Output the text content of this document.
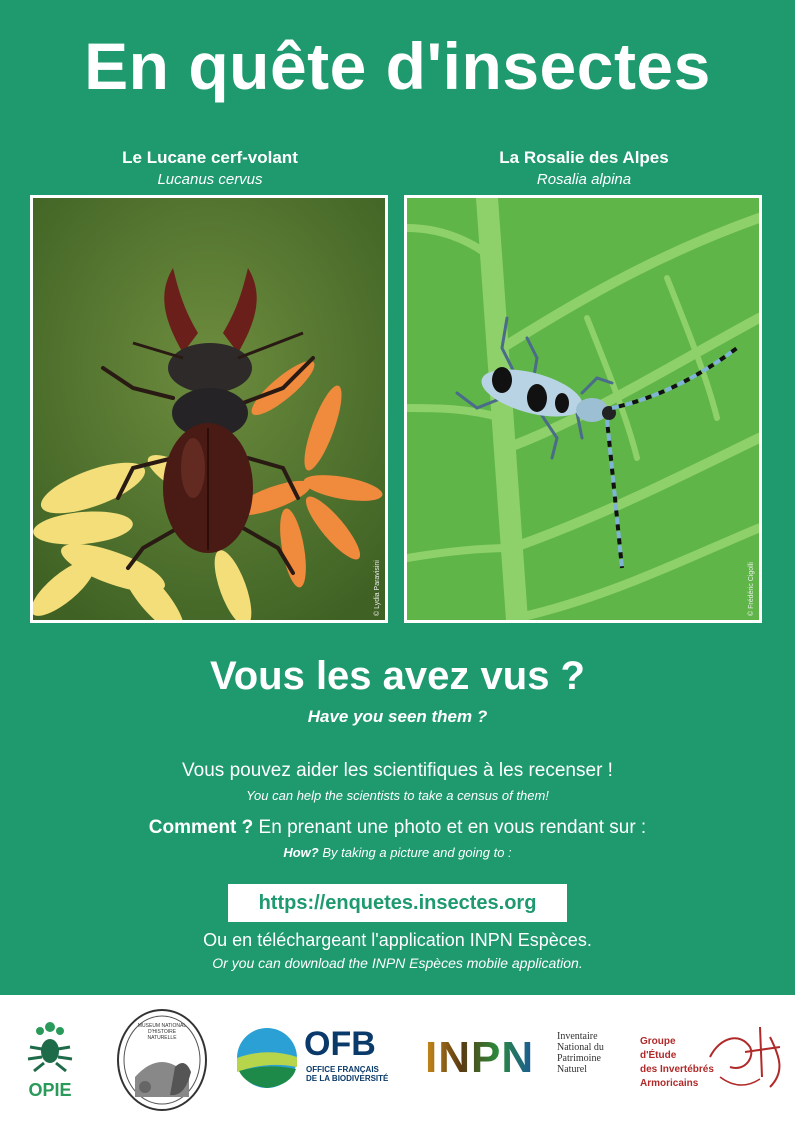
En quête d'insectes
Le Lucane cerf-volant
Lucanus cervus
La Rosalie des Alpes
Rosalia alpina
© Lydia Paravisini	© Frédéric Cigolli
Vous les avez vus ?
Have you seen them ?
Vous pouvez aider les scientifiques à les recenser !
You can help the scientists to take a census of them!
Comment ? En prenant une photo et en vous rendant sur :
How? By taking a picture and going to :
https://enquetes.insectes.org
Ou en téléchargeant l'application INPN Espèces.
Or you can download the INPN Espèces mobile application.
OPIE
MUSEUM NATIONAL D'HISTOIRE NATURELLE	OFB
OFFICE FRANÇAIS
DE LA BIODIVERSITÉ INPN Inventaire
National du
Patrimoine
Naturel
Groupe
d'Étude
des Invertébrés
Armoricains
